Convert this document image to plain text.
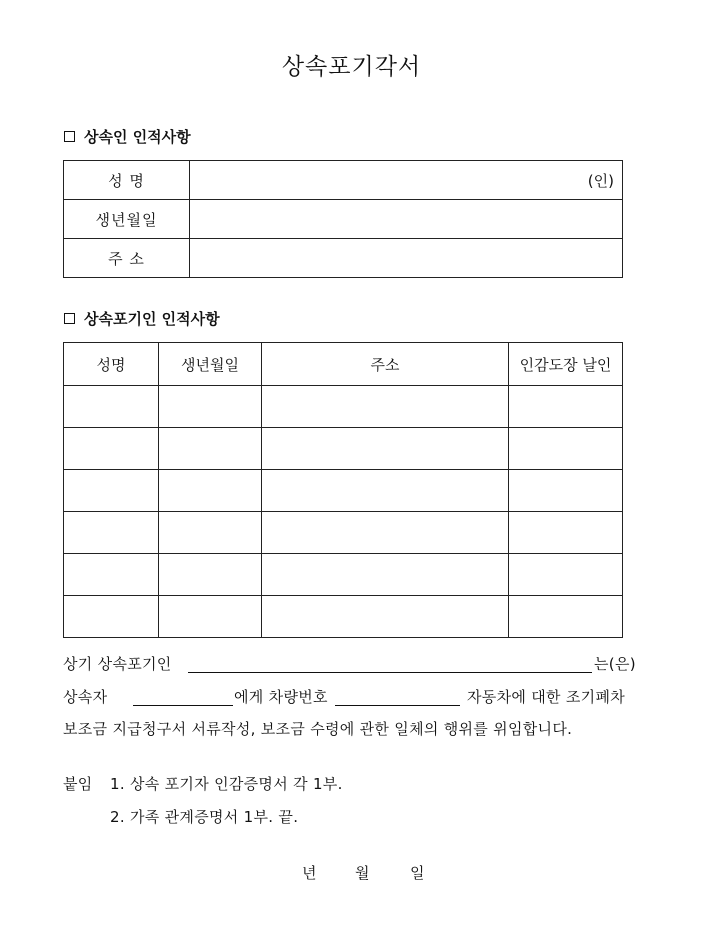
상속포기각서
상속인 인적사항
성 명	(인)
생년월일	
주 소	
상속포기인 인적사항
성명	생년월일	주소	인감도장 날인

상기 상속포기인	는(은)
상속자	에게 차량번호	자동차에 대한 조기폐차
보조금 지급청구서 서류작성, 보조금 수령에 관한 일체의 행위를 위임합니다.
붙임 1. 상속 포기자 인감증명서 각 1부.
2. 가족 관계증명서 1부. 끝.
년	월	일
